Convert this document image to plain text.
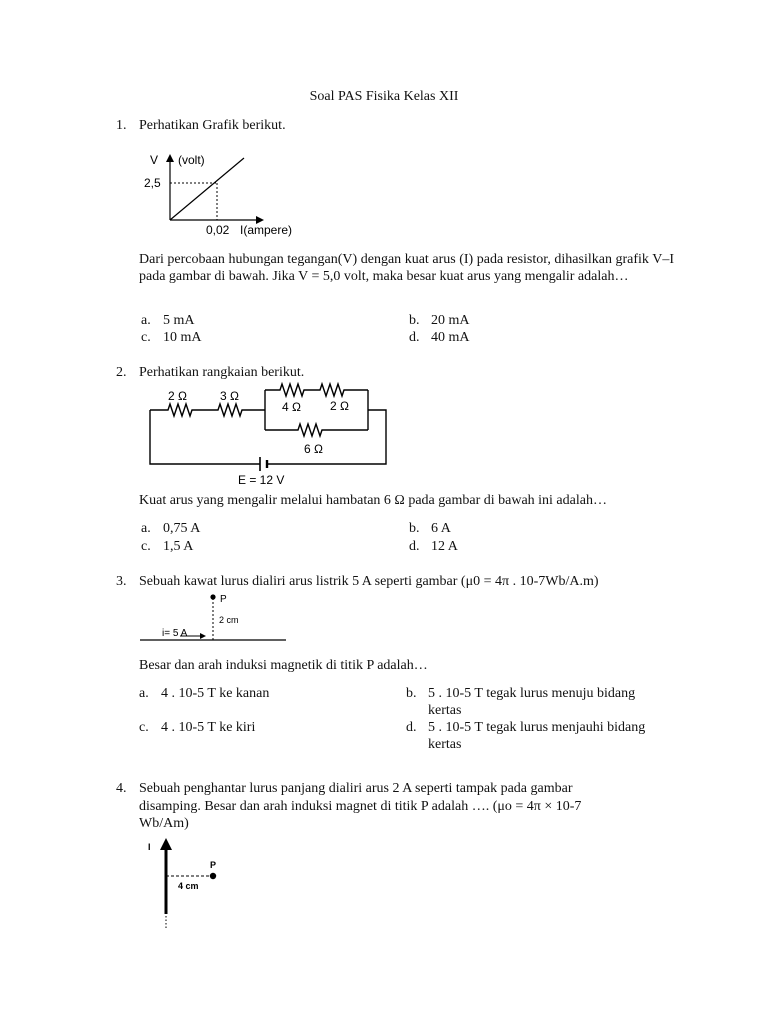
Soal PAS Fisika Kelas XII
1. Perhatikan Grafik berikut.
V (volt)
2,5
0,02 I(ampere)
Dari percobaan hubungan tegangan(V) dengan kuat arus (I) pada resistor, dihasilkan grafik V–I pada gambar di bawah. Jika V = 5,0 volt, maka besar kuat arus yang mengalir adalah…
a. 5 mA	b. 20 mA
c. 10 mA	d. 40 mA
2. Perhatikan rangkaian berikut.
2 Ω	3 Ω
4 Ω 2 Ω
6 Ω
E = 12 V
Kuat arus yang mengalir melalui hambatan 6 Ω pada gambar di bawah ini adalah…
a. 0,75 A	b. 6 A
c. 1,5 A	d. 12 A
3. Sebuah kawat lurus dialiri arus listrik 5 A seperti gambar (μ0 = 4π . 10-7Wb/A.m)
P
2 cm
i= 5 A
Besar dan arah induksi magnetik di titik P adalah…
a. 4 . 10-5 T ke kanan	b. 5 . 10-5 T tegak lurus menuju bidang
kertas
c. 4 . 10-5 T ke kiri	d. 5 . 10-5 T tegak lurus menjauhi bidang
kertas
4. Sebuah penghantar lurus panjang dialiri arus 2 A seperti tampak pada gambar
disamping. Besar dan arah induksi magnet di titik P adalah …. (μo = 4π × 10-7
Wb/Am)
I
P
4 cm
